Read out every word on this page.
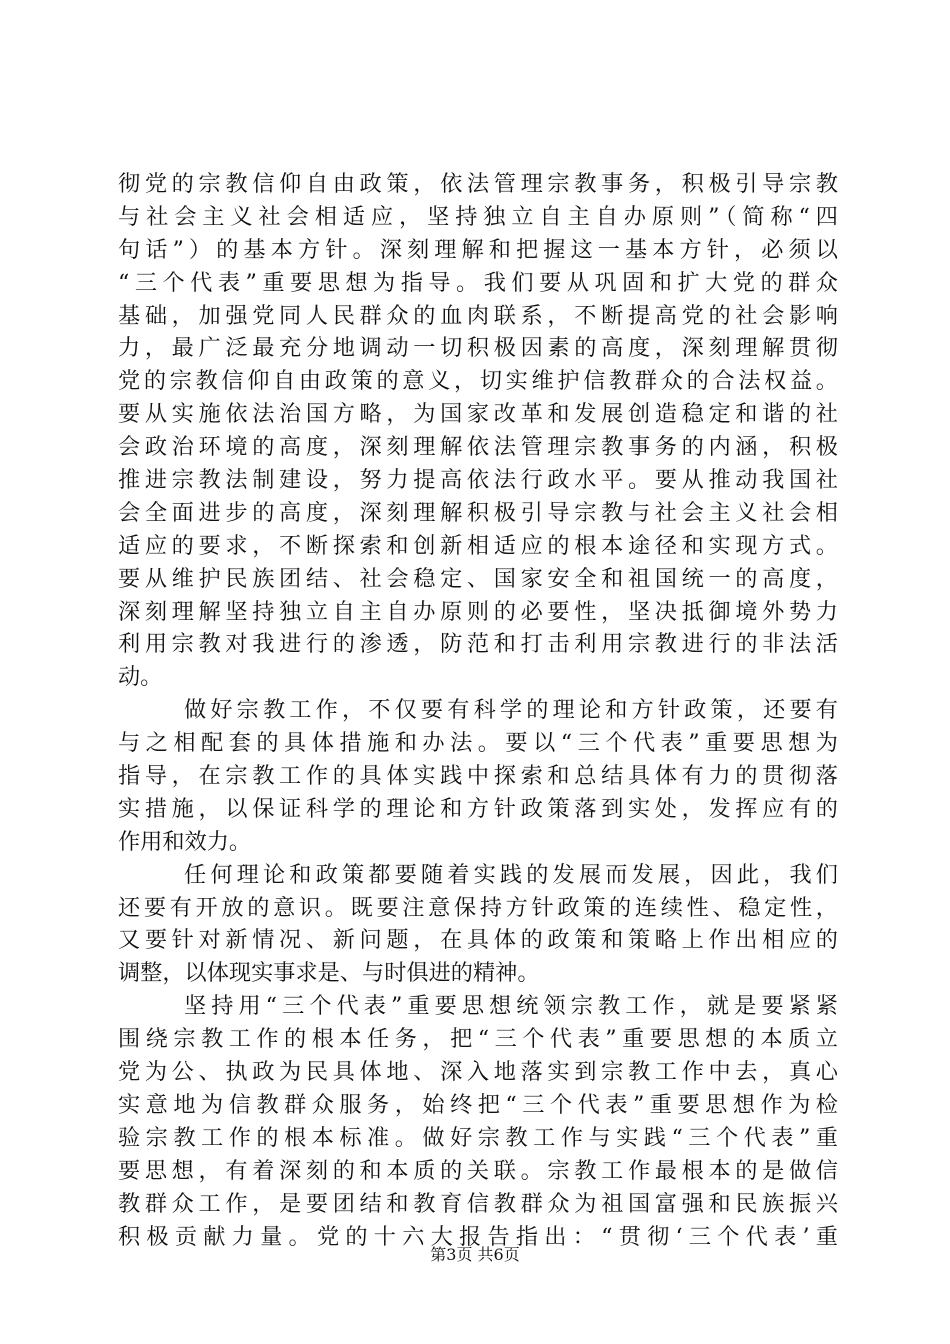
彻党的宗教信仰自由政策，依法管理宗教事务，积极引导宗教
与社会主义社会相适应，坚持独立自主自办原则”（简称“四
句话”）的基本方针。深刻理解和把握这一基本方针，必须以
“三个代表”重要思想为指导。我们要从巩固和扩大党的群众
基础，加强党同人民群众的血肉联系，不断提高党的社会影响
力，最广泛最充分地调动一切积极因素的高度，深刻理解贯彻
党的宗教信仰自由政策的意义，切实维护信教群众的合法权益。
要从实施依法治国方略，为国家改革和发展创造稳定和谐的社
会政治环境的高度，深刻理解依法管理宗教事务的内涵，积极
推进宗教法制建设，努力提高依法行政水平。要从推动我国社
会全面进步的高度，深刻理解积极引导宗教与社会主义社会相
适应的要求，不断探索和创新相适应的根本途径和实现方式。
要从维护民族团结、社会稳定、国家安全和祖国统一的高度，
深刻理解坚持独立自主自办原则的必要性，坚决抵御境外势力
利用宗教对我进行的渗透，防范和打击利用宗教进行的非法活
动。
做好宗教工作，不仅要有科学的理论和方针政策，还要有
与之相配套的具体措施和办法。要以“三个代表”重要思想为
指导，在宗教工作的具体实践中探索和总结具体有力的贯彻落
实措施，以保证科学的理论和方针政策落到实处，发挥应有的
作用和效力。
任何理论和政策都要随着实践的发展而发展，因此，我们
还要有开放的意识。既要注意保持方针政策的连续性、稳定性，
又要针对新情况、新问题，在具体的政策和策略上作出相应的
调整，以体现实事求是、与时俱进的精神。
坚持用“三个代表”重要思想统领宗教工作，就是要紧紧
围绕宗教工作的根本任务，把“三个代表”重要思想的本质立
党为公、执政为民具体地、深入地落实到宗教工作中去，真心
实意地为信教群众服务，始终把“三个代表”重要思想作为检
验宗教工作的根本标准。做好宗教工作与实践“三个代表”重
要思想，有着深刻的和本质的关联。宗教工作最根本的是做信
教群众工作，是要团结和教育信教群众为祖国富强和民族振兴
积极贡献力量。党的十六大报告指出：“贯彻‘三个代表’重
第3页 共6页
